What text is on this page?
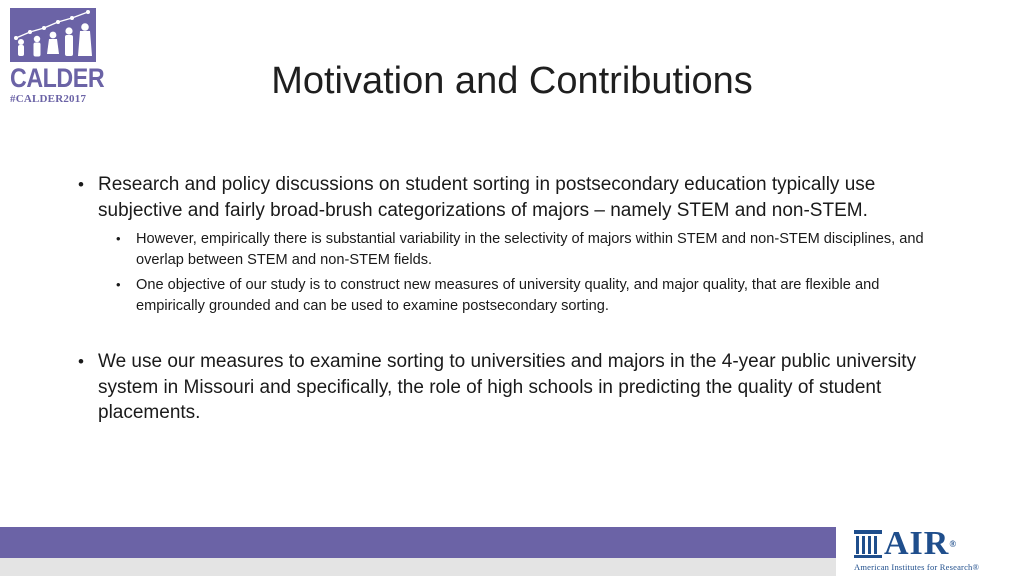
CALDER
#CALDER2017	Motivation and Contributions
• Research and policy discussions on student sorting in postsecondary education typically use subjective and fairly broad-brush categorizations of majors – namely STEM and non-STEM.
• However, empirically there is substantial variability in the selectivity of majors within STEM and non-STEM disciplines, and overlap between STEM and non-STEM fields.
• One objective of our study is to construct new measures of university quality, and major quality, that are flexible and empirically grounded and can be used to examine postsecondary sorting.
• We use our measures to examine sorting to universities and majors in the 4-year public university system in Missouri and specifically, the role of high schools in predicting the quality of student placements.
AIR®
American Institutes for Research®
